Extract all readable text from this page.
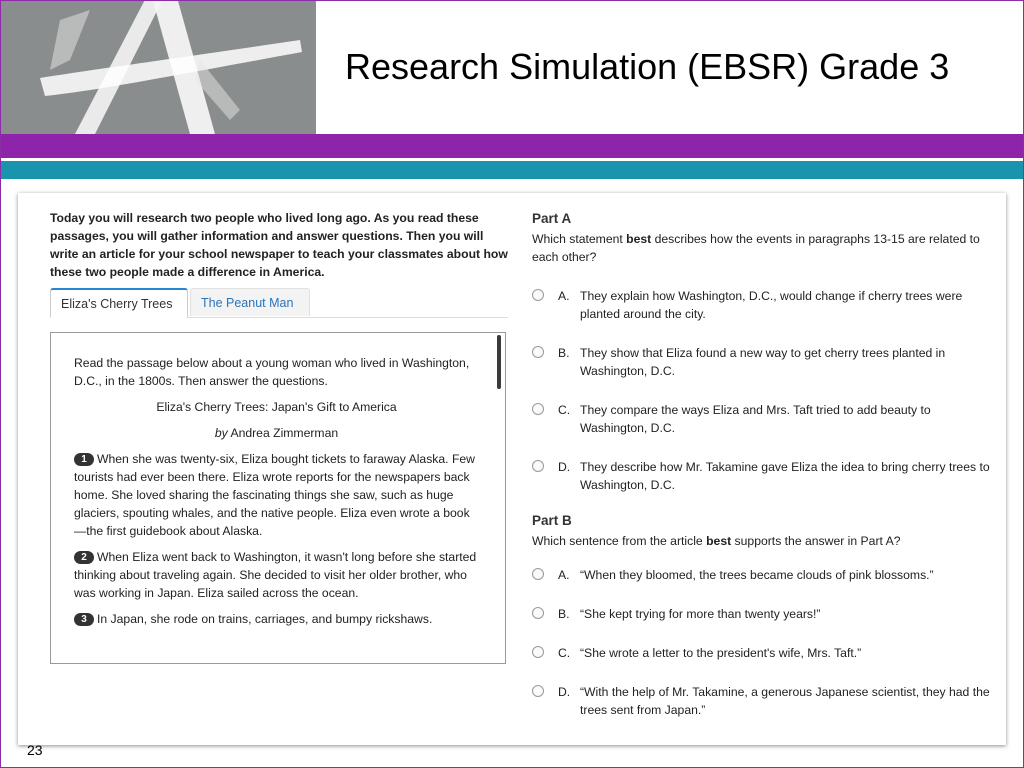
Research Simulation (EBSR) Grade 3
Today you will research two people who lived long ago. As you read these passages, you will gather information and answer questions. Then you will write an article for your school newspaper to teach your classmates about how these two people made a difference in America.
Eliza's Cherry Trees	The Peanut Man

Read the passage below about a young woman who lived in Washington, D.C., in the 1800s. Then answer the questions.

Eliza's Cherry Trees: Japan's Gift to America

by Andrea Zimmerman

1 When she was twenty-six, Eliza bought tickets to faraway Alaska. Few tourists had ever been there. Eliza wrote reports for the newspapers back home. She loved sharing the fascinating things she saw, such as huge glaciers, spouting whales, and the native people. Eliza even wrote a book—the first guidebook about Alaska.

2 When Eliza went back to Washington, it wasn't long before she started thinking about traveling again. She decided to visit her older brother, who was working in Japan. Eliza sailed across the ocean.

3 In Japan, she rode on trains, carriages, and bumpy rickshaws.

Part A
Which statement best describes how the events in paragraphs 13-15 are related to each other?
A. They explain how Washington, D.C., would change if cherry trees were planted around the city.
B. They show that Eliza found a new way to get cherry trees planted in Washington, D.C.
C. They compare the ways Eliza and Mrs. Taft tried to add beauty to Washington, D.C.
D. They describe how Mr. Takamine gave Eliza the idea to bring cherry trees to Washington, D.C.
Part B
Which sentence from the article best supports the answer in Part A?
A. “When they bloomed, the trees became clouds of pink blossoms.”
B. “She kept trying for more than twenty years!”
C. “She wrote a letter to the president's wife, Mrs. Taft.”
D. “With the help of Mr. Takamine, a generous Japanese scientist, they had the trees sent from Japan.”
23
